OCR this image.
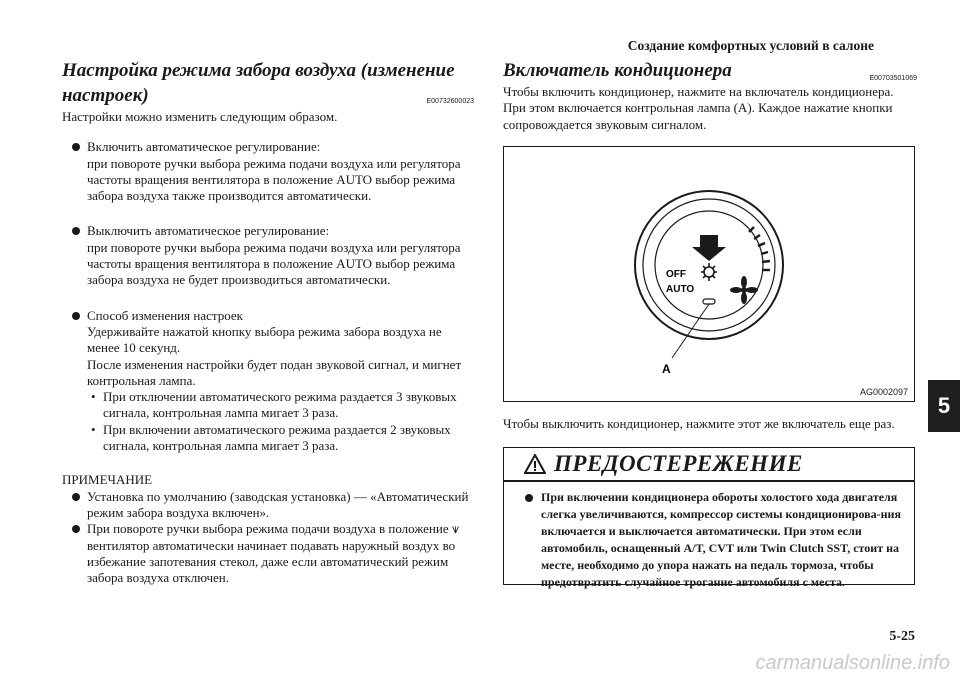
Создание комфортных условий в салоне
Настройка режима забора воздуха (изменение настроек)	E00732600023

Настройки можно изменить следующим образом.

Включить автоматическое регулирование:
при повороте ручки выбора режима подачи воздуха или регулятора частоты вращения вентилятора в положение AUTO выбор режима забора воздуха также производится автоматически.
Выключить автоматическое регулирование:
при повороте ручки выбора режима подачи воздуха или регулятора частоты вращения вентилятора в положение AUTO выбор режима забора воздуха не будет производиться автоматически.
Способ изменения настроек
Удерживайте нажатой кнопку выбора режима забора воздуха не менее 10 секунд.
После изменения настройки будет подан звуковой сигнал, и мигнет контрольная лампа.
• При отключении автоматического режима раздается 3 звуковых сигнала, контрольная лампа мигает 3 раза.
• При включении автоматического режима раздается 2 звуковых сигнала, контрольная лампа мигает 3 раза.

ПРИМЕЧАНИЕ

Установка по умолчанию (заводская установка) — «Автоматический режим забора воздуха включен».
При повороте ручки выбора режима подачи воздуха в положение ⩛ вентилятор автоматически начинает подавать наружный воздух во избежание запотевания стекол, даже если автоматический режим забора воздуха отключен.
Включатель кондиционера	E00703501069

Чтобы включить кондиционер, нажмите на включатель кондиционера. При этом включается контрольная лампа (A). Каждое нажатие кнопки сопровождается звуковым сигналом.

OFF
AUTO
A
AG0002097

Чтобы выключить кондиционер, нажмите этот же включатель еще раз.

ПРЕДОСТЕРЕЖЕНИЕ
При включении кондиционера обороты холостого хода двигателя слегка увеличиваются, компрессор системы кондиционирова-ния включается и выключается автоматически. При этом если автомобиль, оснащенный A/T, CVT или Twin Clutch SST, стоит на месте, необходимо до упора нажать на педаль тормоза, чтобы предотвратить случайное трогание автомобиля с места.
5
5-25
carmanualsonline.info
